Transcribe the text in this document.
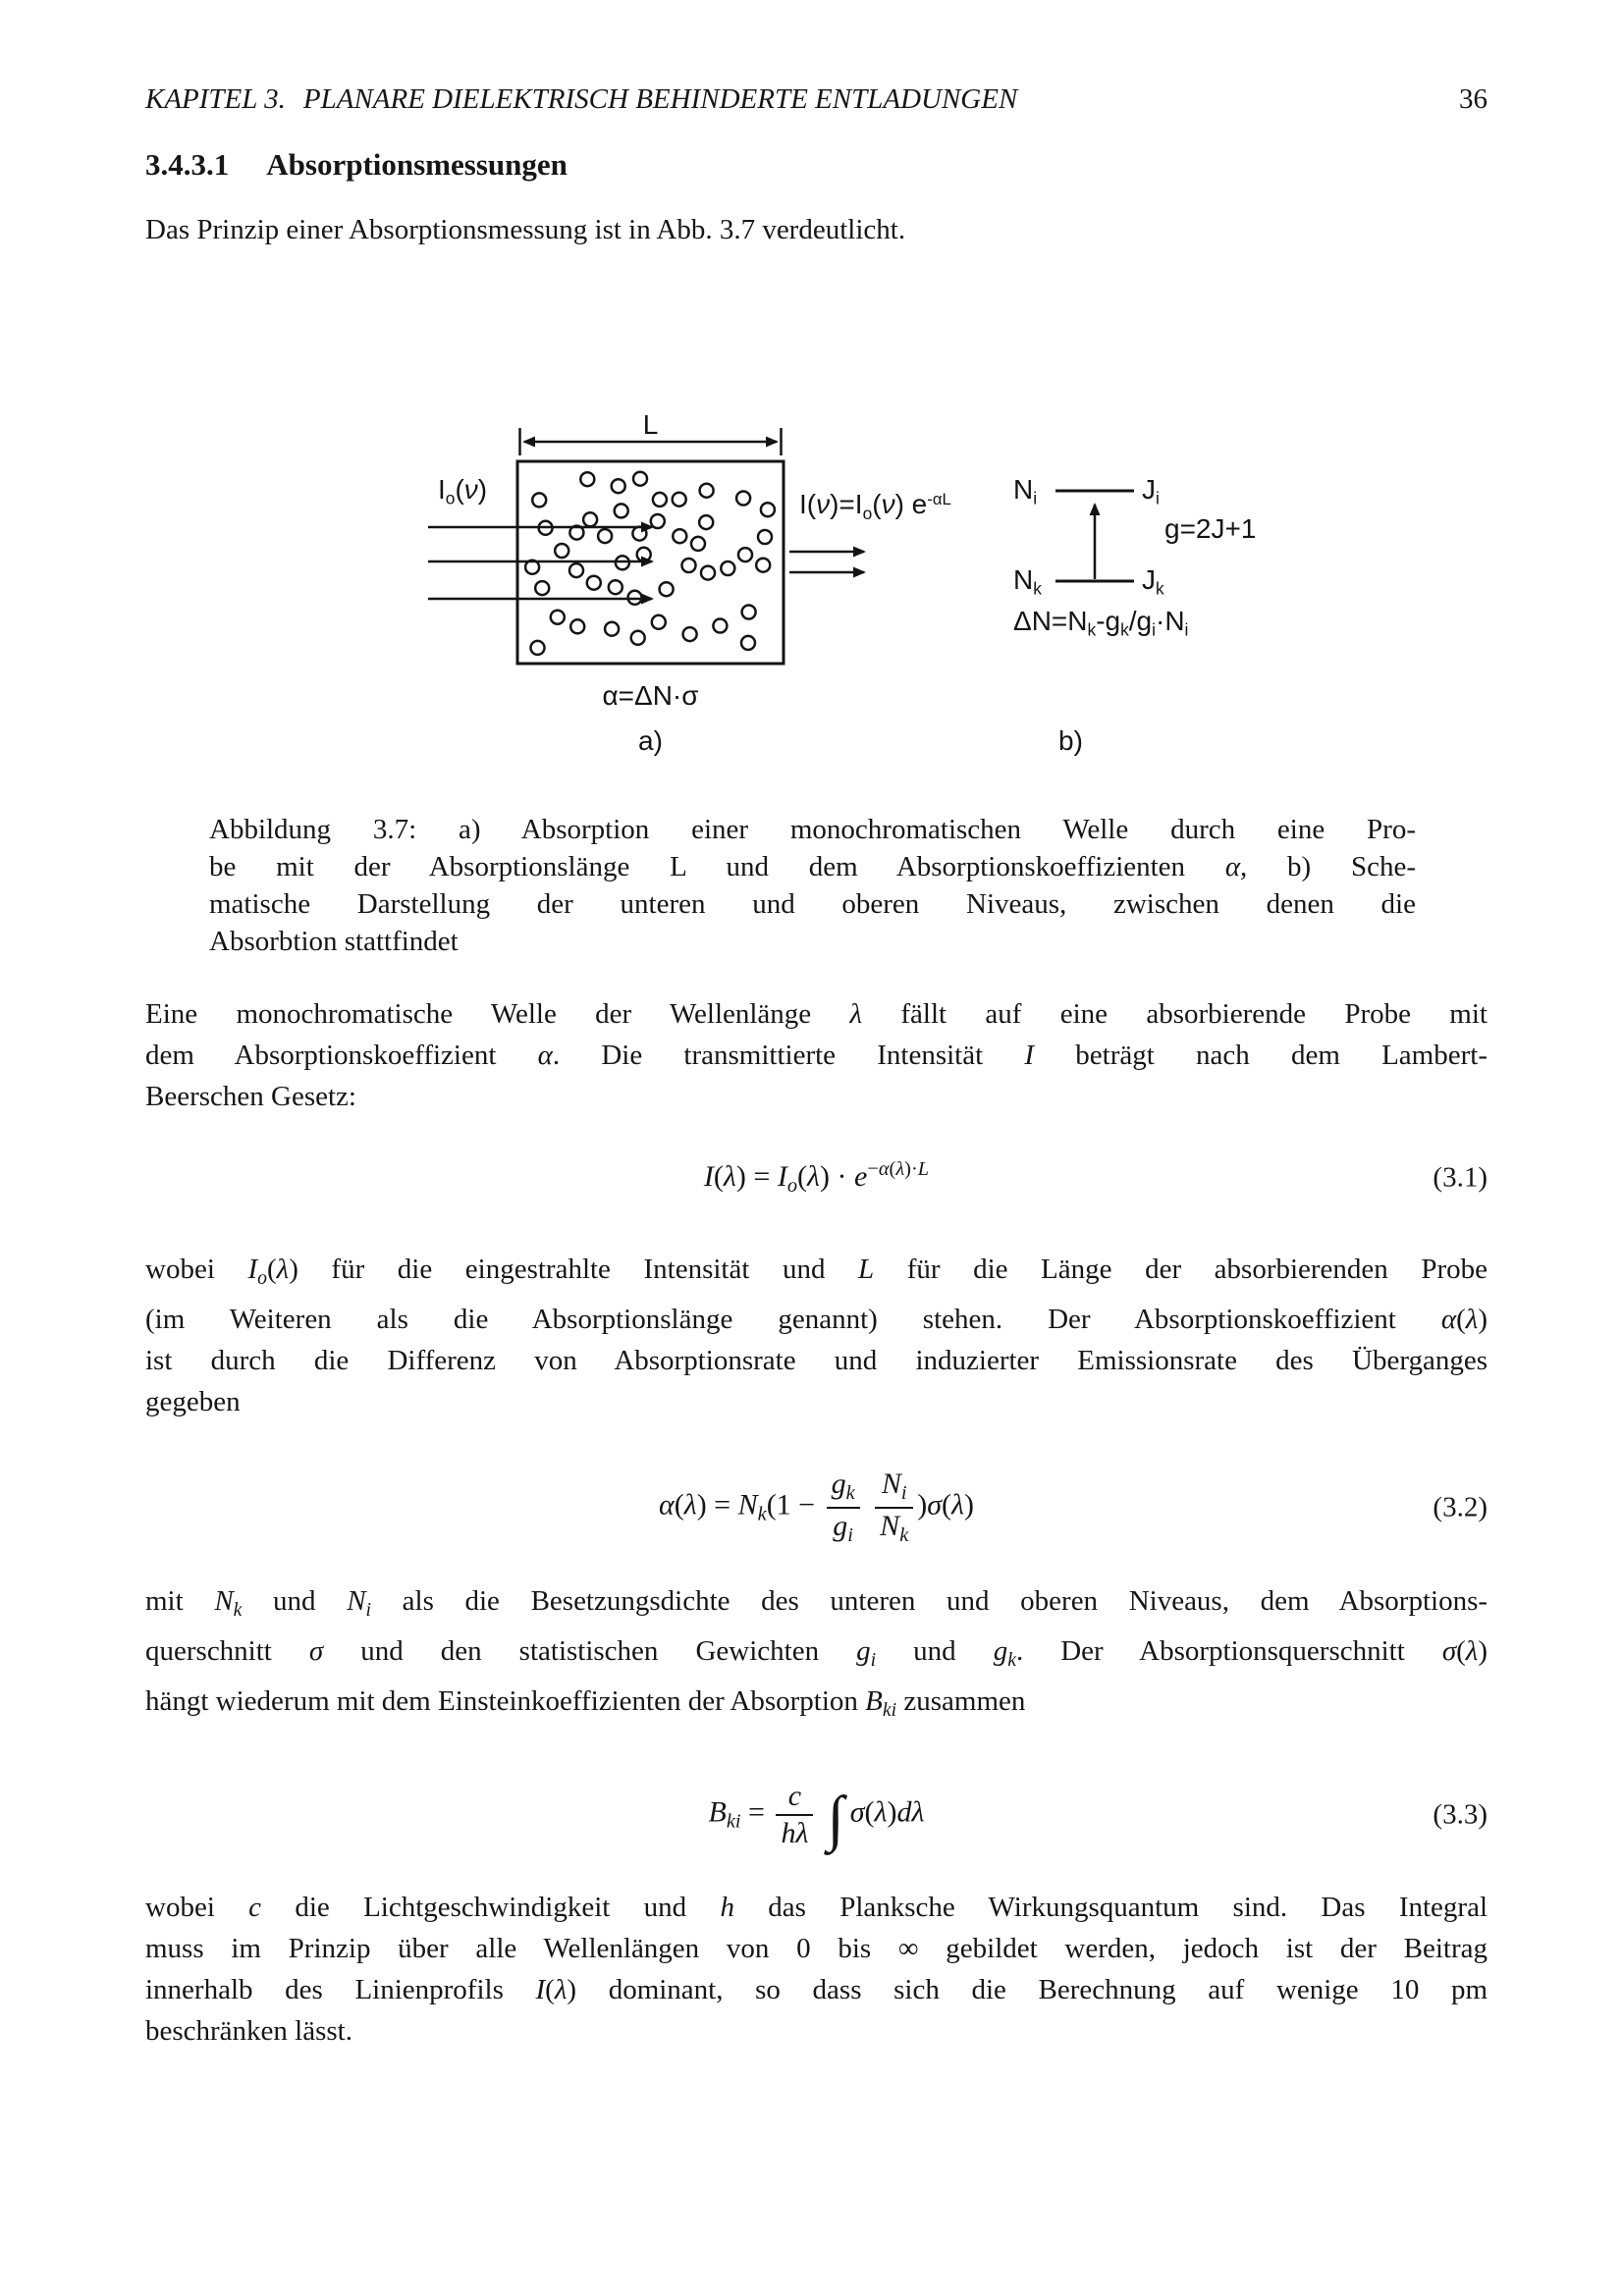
KAPITEL 3. PLANARE DIELEKTRISCH BEHINDERTE ENTLADUNGEN	36
3.4.3.1 Absorptionsmessungen
Das Prinzip einer Absorptionsmessung ist in Abb. 3.7 verdeutlicht.
L
Io(ν)	I(ν)=Io(ν) $e^{-\alpha L}$
α=ΔN·σ
a)
Ni	Ji
g=2J+1
Nk	Jk
ΔN=Nk-gk/gi·Ni
b)
Abbildung 3.7: a) Absorption einer monochromatischen Welle durch eine Pro-
be mit der Absorptionslänge L und dem Absorptionskoeffizienten α, b) Sche-
matische Darstellung der unteren und oberen Niveaus, zwischen denen die
Absorbtion stattfindet
Eine monochromatische Welle der Wellenlänge λ fällt auf eine absorbierende Probe mit
dem Absorptionskoeffizient α. Die transmittierte Intensität I beträgt nach dem Lambert-
Beerschen Gesetz:
$I(\lambda) = I_o(\lambda) \cdot e^{-\alpha(\lambda)\cdot L}$	(3.1)
wobei $I_o(\lambda)$ für die eingestrahlte Intensität und L für die Länge der absorbierenden Probe
(im Weiteren als die Absorptionslänge genannt) stehen. Der Absorptionskoeffizient α(λ)
ist durch die Differenz von Absorptionsrate und induzierter Emissionsrate des Überganges
gegeben
$\alpha(\lambda) = N_k(1 - \frac{g_k}{g_i}$
$\frac{N_i}{N_k} )\sigma(\lambda)$	(3.2)
mit $N_k$ und $N_i$ als die Besetzungsdichte des unteren und oberen Niveaus, dem Absorptions-
querschnitt σ und den statistischen Gewichten $g_i$ und $g_k$. Der Absorptionsquerschnitt σ(λ)
hängt wiederum mit dem Einsteinkoeffizienten der Absorption $B_{ki}$ zusammen
$B_{ki} = \frac{c}{h\lambda}$ ∫ σ(λ)dλ	(3.3)
wobei c die Lichtgeschwindigkeit und h das Planksche Wirkungsquantum sind. Das Integral
muss im Prinzip über alle Wellenlängen von 0 bis ∞ gebildet werden, jedoch ist der Beitrag
innerhalb des Linienprofils I(λ) dominant, so dass sich die Berechnung auf wenige 10 pm
beschränken lässt.
